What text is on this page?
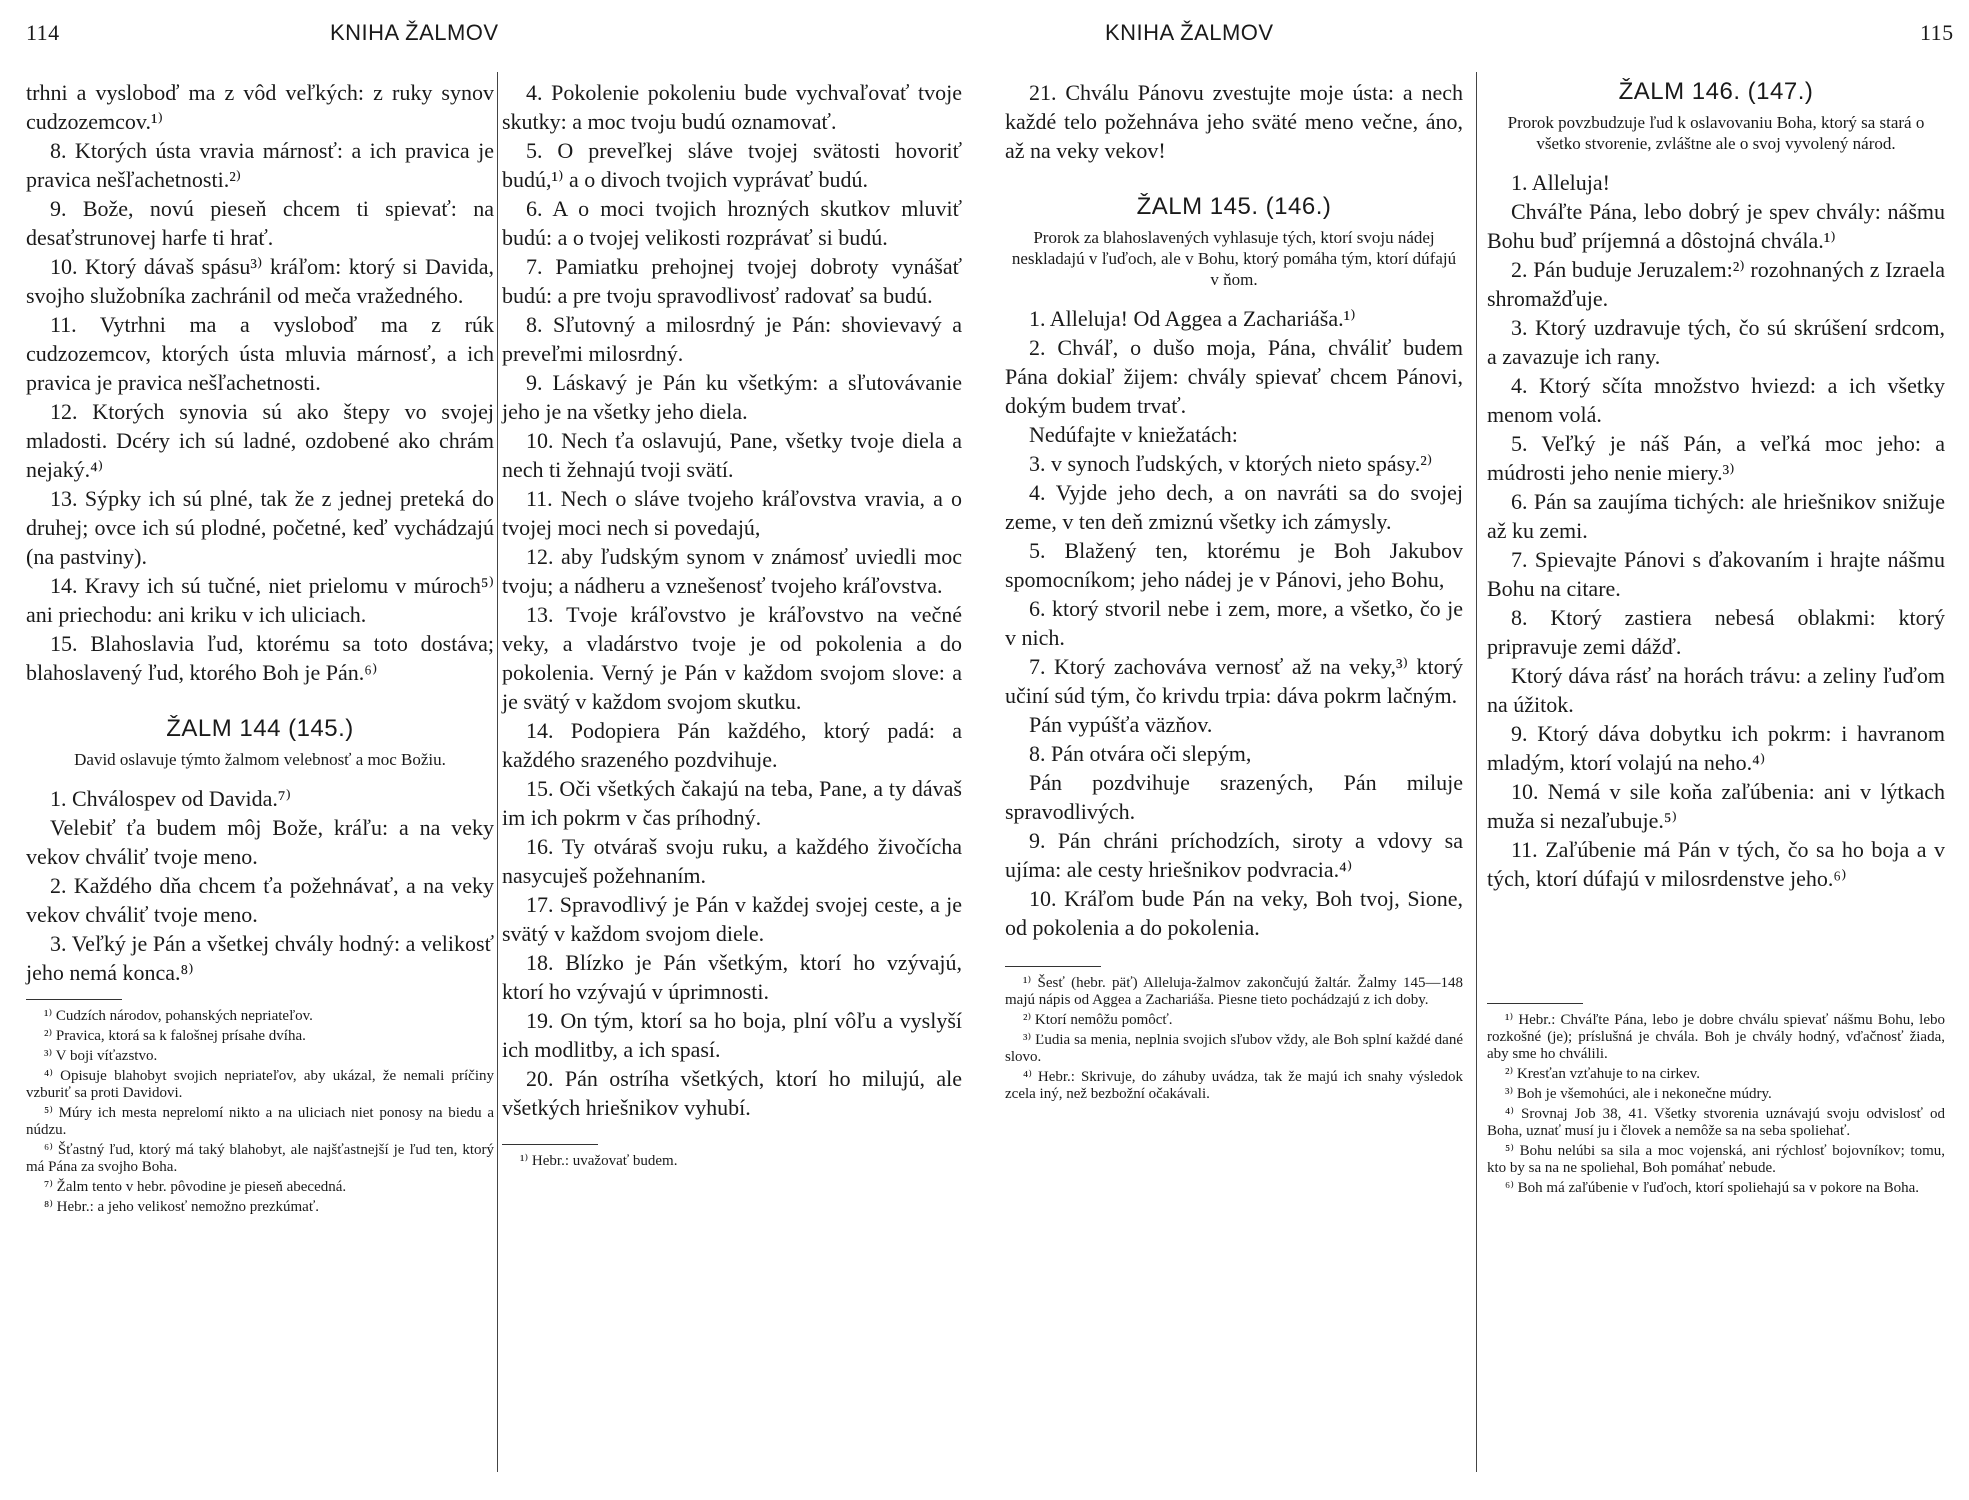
114	KNIHA ŽALMOV

trhni a vysloboď ma z vôd veľkých: z ruky synov cudzozemcov.¹⁾

8. Ktorých ústa vravia márnosť: a ich pravica je pravica nešľachetnosti.²⁾

9. Bože, novú pieseň chcem ti spievať: na desaťstrunovej harfe ti hrať.

10. Ktorý dávaš spásu³⁾ kráľom: ktorý si Davida, svojho služobníka zachránil od meča vražedného.

11. Vytrhni ma a vysloboď ma z rúk cudzozemcov, ktorých ústa mluvia márnosť, a ich pravica je pravica nešľachetnosti.

12. Ktorých synovia sú ako štepy vo svojej mladosti. Dcéry ich sú ladné, ozdobené ako chrám nejaký.⁴⁾

13. Sýpky ich sú plné, tak že z jednej preteká do druhej; ovce ich sú plodné, početné, keď vychádzajú (na pastviny).

14. Kravy ich sú tučné, niet prielomu v múroch⁵⁾ ani priechodu: ani kriku v ich uliciach.

15. Blahoslavia ľud, ktorému sa toto dostáva; blahoslavený ľud, ktorého Boh je Pán.⁶⁾

ŽALM 144 (145.)
David oslavuje týmto žalmom velebnosť a moc Božiu.

1. Chválospev od Davida.⁷⁾

Velebiť ťa budem môj Bože, kráľu: a na veky vekov chváliť tvoje meno.

2. Každého dňa chcem ťa požehnávať, a na veky vekov chváliť tvoje meno.

3. Veľký je Pán a všetkej chvály hodný: a velikosť jeho nemá konca.⁸⁾

¹⁾ Cudzích národov, pohanských nepriateľov.

²⁾ Pravica, ktorá sa k falošnej prísahe dvíha.

³⁾ V boji víťazstvo.

⁴⁾ Opisuje blahobyt svojich nepriateľov, aby ukázal, že nemali príčiny vzburiť sa proti Davidovi.

⁵⁾ Múry ich mesta neprelomí nikto a na uliciach niet ponosy na biedu a núdzu.

⁶⁾ Šťastný ľud, ktorý má taký blahobyt, ale najšťastnejší je ľud ten, ktorý má Pána za svojho Boha.

⁷⁾ Žalm tento v hebr. pôvodine je pieseň abecedná.

⁸⁾ Hebr.: a jeho velikosť nemožno prezkúmať.

4. Pokolenie pokoleniu bude vychvaľovať tvoje skutky: a moc tvoju budú oznamovať.

5. O preveľkej sláve tvojej svätosti hovoriť budú,¹⁾ a o divoch tvojich vyprávať budú.

6. A o moci tvojich hrozných skutkov mluviť budú: a o tvojej velikosti rozprávať si budú.

7. Pamiatku prehojnej tvojej dobroty vynášať budú: a pre tvoju spravodlivosť radovať sa budú.

8. Sľutovný a milosrdný je Pán: shovievavý a preveľmi milosrdný.

9. Láskavý je Pán ku všetkým: a sľutovávanie jeho je na všetky jeho diela.

10. Nech ťa oslavujú, Pane, všetky tvoje diela a nech ti žehnajú tvoji svätí.

11. Nech o sláve tvojeho kráľovstva vravia, a o tvojej moci nech si povedajú,

12. aby ľudským synom v známosť uviedli moc tvoju; a nádheru a vznešenosť tvojeho kráľovstva.

13. Tvoje kráľovstvo je kráľovstvo na večné veky, a vladárstvo tvoje je od pokolenia a do pokolenia. Verný je Pán v každom svojom slove: a je svätý v každom svojom skutku.

14. Podopiera Pán každého, ktorý padá: a každého srazeného pozdvihuje.

15. Oči všetkých čakajú na teba, Pane, a ty dávaš im ich pokrm v čas príhodný.

16. Ty otváraš svoju ruku, a každého živočícha nasycuješ požehnaním.

17. Spravodlivý je Pán v každej svojej ceste, a je svätý v každom svojom diele.

18. Blízko je Pán všetkým, ktorí ho vzývajú, ktorí ho vzývajú v úprimnosti.

19. On tým, ktorí sa ho boja, plní vôľu a vyslyší ich modlitby, a ich spasí.

20. Pán ostríha všetkých, ktorí ho milujú, ale všetkých hriešnikov vyhubí.

¹⁾ Hebr.: uvažovať budem.

KNIHA ŽALMOV	115

21. Chválu Pánovu zvestujte moje ústa: a nech každé telo požehnáva jeho sväté meno večne, áno, až na veky vekov!

ŽALM 145. (146.)
Prorok za blahoslavených vyhlasuje tých, ktorí svoju nádej neskladajú v ľuďoch, ale v Bohu, ktorý pomáha tým, ktorí dúfajú v ňom.

1. Alleluja! Od Aggea a Zachariáša.¹⁾

2. Chváľ, o dušo moja, Pána, chváliť budem Pána dokiaľ žijem: chvály spievať chcem Pánovi, dokým budem trvať.

Nedúfajte v kniežatách:

3. v synoch ľudských, v ktorých nieto spásy.²⁾

4. Vyjde jeho dech, a on navráti sa do svojej zeme, v ten deň zmiznú všetky ich zámysly.

5. Blažený ten, ktorému je Boh Jakubov spomocníkom; jeho nádej je v Pánovi, jeho Bohu,

6. ktorý stvoril nebe i zem, more, a všetko, čo je v nich.

7. Ktorý zachováva vernosť až na veky,³⁾ ktorý učiní súd tým, čo krivdu trpia: dáva pokrm lačným.

Pán vypúšťa väzňov.

8. Pán otvára oči slepým,

Pán pozdvihuje srazených, Pán miluje spravodlivých.

9. Pán chráni príchodzích, siroty a vdovy sa ujíma: ale cesty hriešnikov podvracia.⁴⁾

10. Kráľom bude Pán na veky, Boh tvoj, Sione, od pokolenia a do pokolenia.

¹⁾ Šesť (hebr. päť) Alleluja-žalmov zakončujú žaltár. Žalmy 145—148 majú nápis od Aggea a Zachariáša. Piesne tieto pochádzajú z ich doby.

²⁾ Ktorí nemôžu pomôcť.

³⁾ Ľudia sa menia, neplnia svojich sľubov vždy, ale Boh splní každé dané slovo.

⁴⁾ Hebr.: Skrivuje, do záhuby uvádza, tak že majú ich snahy výsledok zcela iný, než bezbožní očakávali.

ŽALM 146. (147.)
Prorok povzbudzuje ľud k oslavovaniu Boha, ktorý sa stará o všetko stvorenie, zvláštne ale o svoj vyvolený národ.

1. Alleluja!

Chváľte Pána, lebo dobrý je spev chvály: nášmu Bohu buď príjemná a dôstojná chvála.¹⁾

2. Pán buduje Jeruzalem:²⁾ rozohnaných z Izraela shromažďuje.

3. Ktorý uzdravuje tých, čo sú skrúšení srdcom, a zavazuje ich rany.

4. Ktorý sčíta množstvo hviezd: a ich všetky menom volá.

5. Veľký je náš Pán, a veľká moc jeho: a múdrosti jeho nenie miery.³⁾

6. Pán sa zaujíma tichých: ale hriešnikov snižuje až ku zemi.

7. Spievajte Pánovi s ďakovaním i hrajte nášmu Bohu na citare.

8. Ktorý zastiera nebesá oblakmi: ktorý pripravuje zemi dážď.

Ktorý dáva rásť na horách trávu: a zeliny ľuďom na úžitok.

9. Ktorý dáva dobytku ich pokrm: i havranom mladým, ktorí volajú na neho.⁴⁾

10. Nemá v sile koňa zaľúbenia: ani v lýtkach muža si nezaľubuje.⁵⁾

11. Zaľúbenie má Pán v tých, čo sa ho boja a v tých, ktorí dúfajú v milosrdenstve jeho.⁶⁾

¹⁾ Hebr.: Chváľte Pána, lebo je dobre chválu spievať nášmu Bohu, lebo rozkošné (je); príslušná je chvála. Boh je chvály hodný, vďačnosť žiada, aby sme ho chválili.

²⁾ Kresťan vzťahuje to na cirkev.

³⁾ Boh je všemohúci, ale i nekonečne múdry.

⁴⁾ Srovnaj Job 38, 41. Všetky stvorenia uznávajú svoju odvislosť od Boha, uznať musí ju i človek a nemôže sa na seba spoliehať.

⁵⁾ Bohu nelúbi sa sila a moc vojenská, ani rýchlosť bojovníkov; tomu, kto by sa na ne spoliehal, Boh pomáhať nebude.

⁶⁾ Boh má zaľúbenie v ľuďoch, ktorí spoliehajú sa v pokore na Boha.
